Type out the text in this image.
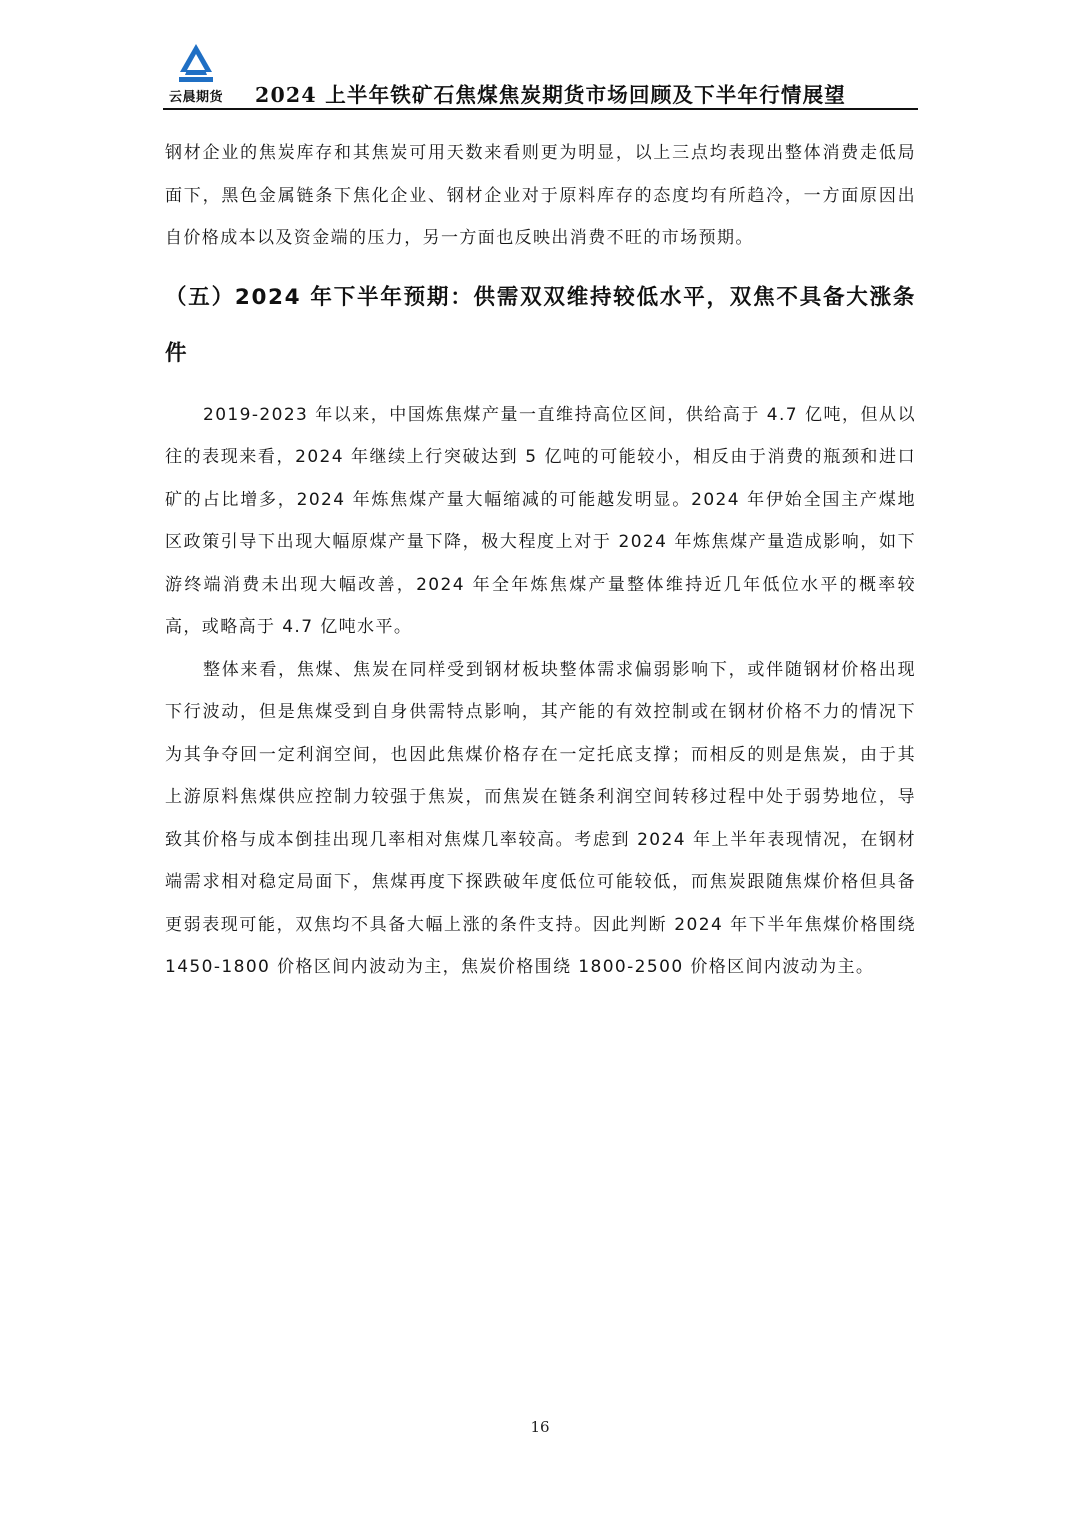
云晨期货 2024 上半年铁矿石焦煤焦炭期货市场回顾及下半年行情展望

钢材企业的焦炭库存和其焦炭可用天数来看则更为明显，以上三点均表现出整体消费走低局面下，黑色金属链条下焦化企业、钢材企业对于原料库存的态度均有所趋冷，一方面原因出自价格成本以及资金端的压力，另一方面也反映出消费不旺的市场预期。

（五）2024 年下半年预期：供需双双维持较低水平，双焦不具备大涨条件

2019-2023 年以来，中国炼焦煤产量一直维持高位区间，供给高于 4.7 亿吨，但从以往的表现来看，2024 年继续上行突破达到 5 亿吨的可能较小，相反由于消费的瓶颈和进口矿的占比增多，2024 年炼焦煤产量大幅缩减的可能越发明显。2024 年伊始全国主产煤地区政策引导下出现大幅原煤产量下降，极大程度上对于 2024 年炼焦煤产量造成影响，如下游终端消费未出现大幅改善，2024 年全年炼焦煤产量整体维持近几年低位水平的概率较高，或略高于 4.7 亿吨水平。

整体来看，焦煤、焦炭在同样受到钢材板块整体需求偏弱影响下，或伴随钢材价格出现下行波动，但是焦煤受到自身供需特点影响，其产能的有效控制或在钢材价格不力的情况下为其争夺回一定利润空间，也因此焦煤价格存在一定托底支撑；而相反的则是焦炭，由于其上游原料焦煤供应控制力较强于焦炭，而焦炭在链条利润空间转移过程中处于弱势地位，导致其价格与成本倒挂出现几率相对焦煤几率较高。考虑到 2024 年上半年表现情况，在钢材端需求相对稳定局面下，焦煤再度下探跌破年度低位可能较低，而焦炭跟随焦煤价格但具备更弱表现可能，双焦均不具备大幅上涨的条件支持。因此判断 2024 年下半年焦煤价格围绕 1450-1800 价格区间内波动为主，焦炭价格围绕 1800-2500 价格区间内波动为主。

16
